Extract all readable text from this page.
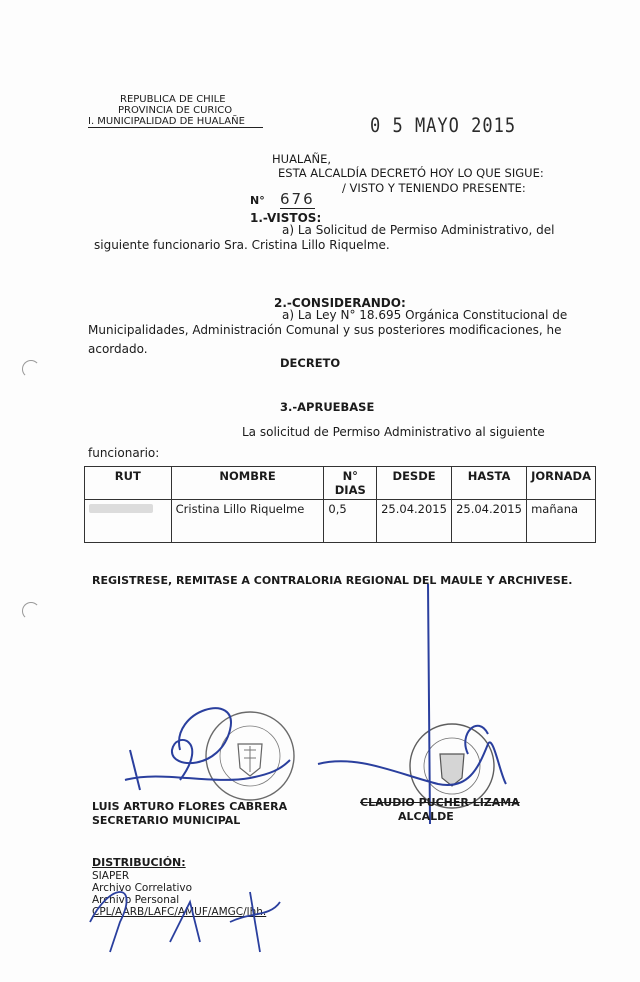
REPUBLICA DE CHILE
PROVINCIA DE CURICO
I. MUNICIPALIDAD DE HUALAÑE	0 5 MAYO 2015
HUALAÑE,
ESTA ALCALDÍA DECRETÓ HOY LO QUE SIGUE:
N° 676
/ VISTO Y TENIENDO PRESENTE:
1.-VISTOS:
a) La Solicitud de Permiso Administrativo, del
siguiente funcionario Sra. Cristina Lillo Riquelme.
2.-CONSIDERANDO:
a) La Ley N° 18.695 Orgánica Constitucional de
Municipalidades, Administración Comunal y sus posteriores modificaciones, he
acordado.
DECRETO
3.-APRUEBASE
La solicitud de Permiso Administrativo al siguiente
funcionario:
RUT	NOMBRE	N° DIAS	DESDE	HASTA	JORNADA

	Cristina Lillo Riquelme	0,5	25.04.2015	25.04.2015	mañana
REGISTRESE, REMITASE A CONTRALORIA REGIONAL DEL MAULE Y ARCHIVESE.
LUIS ARTURO FLORES CABRERA
SECRETARIO MUNICIPAL
CLAUDIO PUCHER LIZAMA
ALCALDE
DISTRIBUCIÓN:
SIAPER
Archivo Correlativo
Archivo Personal
CPL/AARB/LAFC/AMUF/AMGC/lhh.
